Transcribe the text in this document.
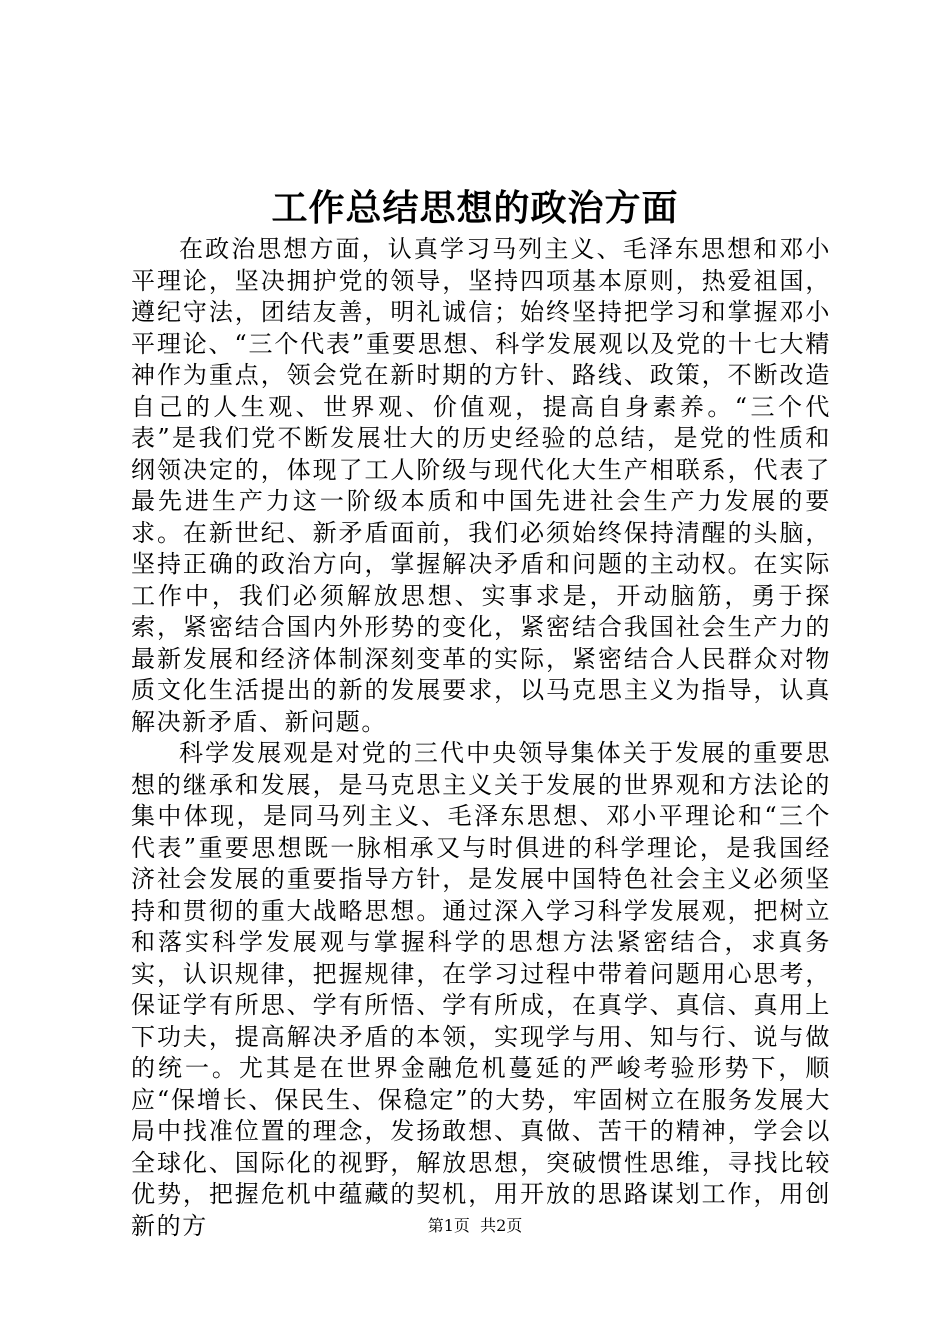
工作总结思想的政治方面

在政治思想方面，认真学习马列主义、毛泽东思想和邓小平理论，坚决拥护党的领导，坚持四项基本原则，热爱祖国，遵纪守法，团结友善，明礼诚信；始终坚持把学习和掌握邓小平理论、“三个代表”重要思想、科学发展观以及党的十七大精神作为重点，领会党在新时期的方针、路线、政策，不断改造自己的人生观、世界观、价值观，提高自身素养。“三个代表”是我们党不断发展壮大的历史经验的总结，是党的性质和纲领决定的，体现了工人阶级与现代化大生产相联系，代表了最先进生产力这一阶级本质和中国先进社会生产力发展的要求。在新世纪、新矛盾面前，我们必须始终保持清醒的头脑，坚持正确的政治方向，掌握解决矛盾和问题的主动权。在实际工作中，我们必须解放思想、实事求是，开动脑筋，勇于探索，紧密结合国内外形势的变化，紧密结合我国社会生产力的最新发展和经济体制深刻变革的实际，紧密结合人民群众对物质文化生活提出的新的发展要求，以马克思主义为指导，认真解决新矛盾、新问题。

科学发展观是对党的三代中央领导集体关于发展的重要思想的继承和发展，是马克思主义关于发展的世界观和方法论的集中体现，是同马列主义、毛泽东思想、邓小平理论和“三个代表”重要思想既一脉相承又与时俱进的科学理论，是我国经济社会发展的重要指导方针，是发展中国特色社会主义必须坚持和贯彻的重大战略思想。通过深入学习科学发展观，把树立和落实科学发展观与掌握科学的思想方法紧密结合，求真务实，认识规律，把握规律，在学习过程中带着问题用心思考，保证学有所思、学有所悟、学有所成，在真学、真信、真用上下功夫，提高解决矛盾的本领，实现学与用、知与行、说与做的统一。尤其是在世界金融危机蔓延的严峻考验形势下，顺应“保增长、保民生、保稳定”的大势，牢固树立在服务发展大局中找准位置的理念，发扬敢想、真做、苦干的精神，学会以全球化、国际化的视野，解放思想，突破惯性思维，寻找比较优势，把握危机中蕴藏的契机，用开放的思路谋划工作，用创新的方	第1页 共2页
